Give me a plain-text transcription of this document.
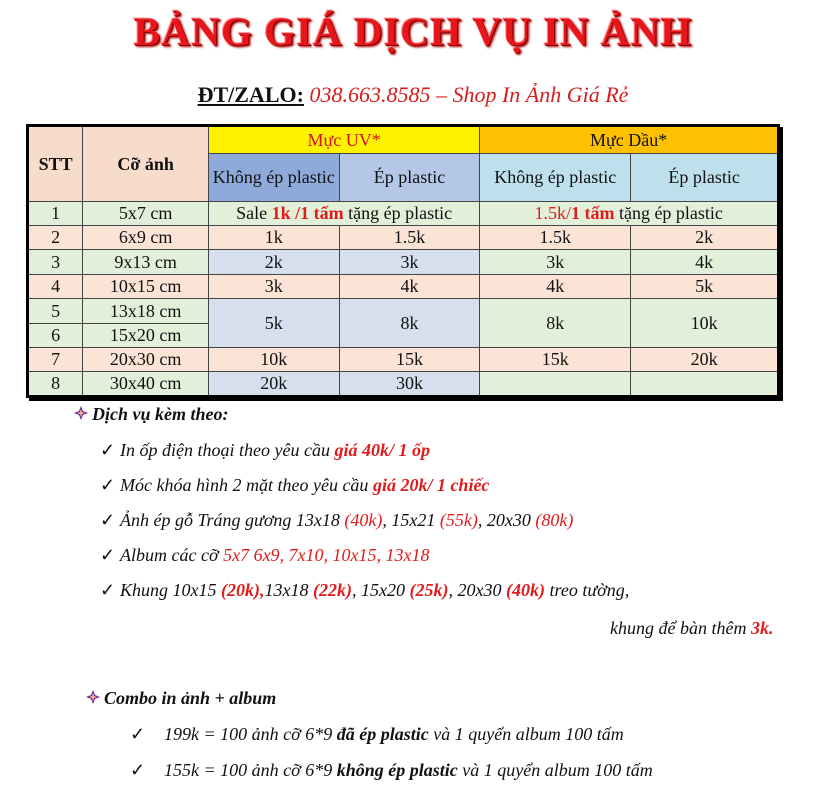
BẢNG GIÁ DỊCH VỤ IN ẢNH
ĐT/ZALO: 038.663.8585 – Shop In Ảnh Giá Rẻ
STT	Cỡ ảnh	Mực UV*		Mực Dầu*	
		Không ép plastic	Ép plastic	Không ép plastic	Ép plastic
1	5x7 cm	Sale 1k /1 tấm tặng ép plastic		1.5k/1 tấm tặng ép plastic	
2	6x9 cm	1k	1.5k	1.5k	2k
3	9x13 cm	2k	3k	3k	4k
4	10x15 cm	3k	4k	4k	5k
5	13x18 cm	5k	8k	8k	10k
6	15x20 cm				
7	20x30 cm	10k	15k	15k	20k
8	30x40 cm	20k	30k		
Dịch vụ kèm theo:
✓ In ốp điện thoại theo yêu cầu giá 40k/ 1 ốp
✓ Móc khóa hình 2 mặt theo yêu cầu giá 20k/ 1 chiếc
✓ Ảnh ép gỗ Tráng gương 13x18 (40k), 15x21 (55k), 20x30 (80k)
✓ Album các cỡ 5x7 6x9, 7x10, 10x15, 13x18
✓ Khung 10x15 (20k),13x18 (22k), 15x20 (25k), 20x30 (40k) treo tường,
khung để bàn thêm 3k.
Combo in ảnh + album
✓ 199k = 100 ảnh cỡ 6*9 đã ép plastic và 1 quyển album 100 tấm
✓ 155k = 100 ảnh cỡ 6*9 không ép plastic và 1 quyển album 100 tấm
